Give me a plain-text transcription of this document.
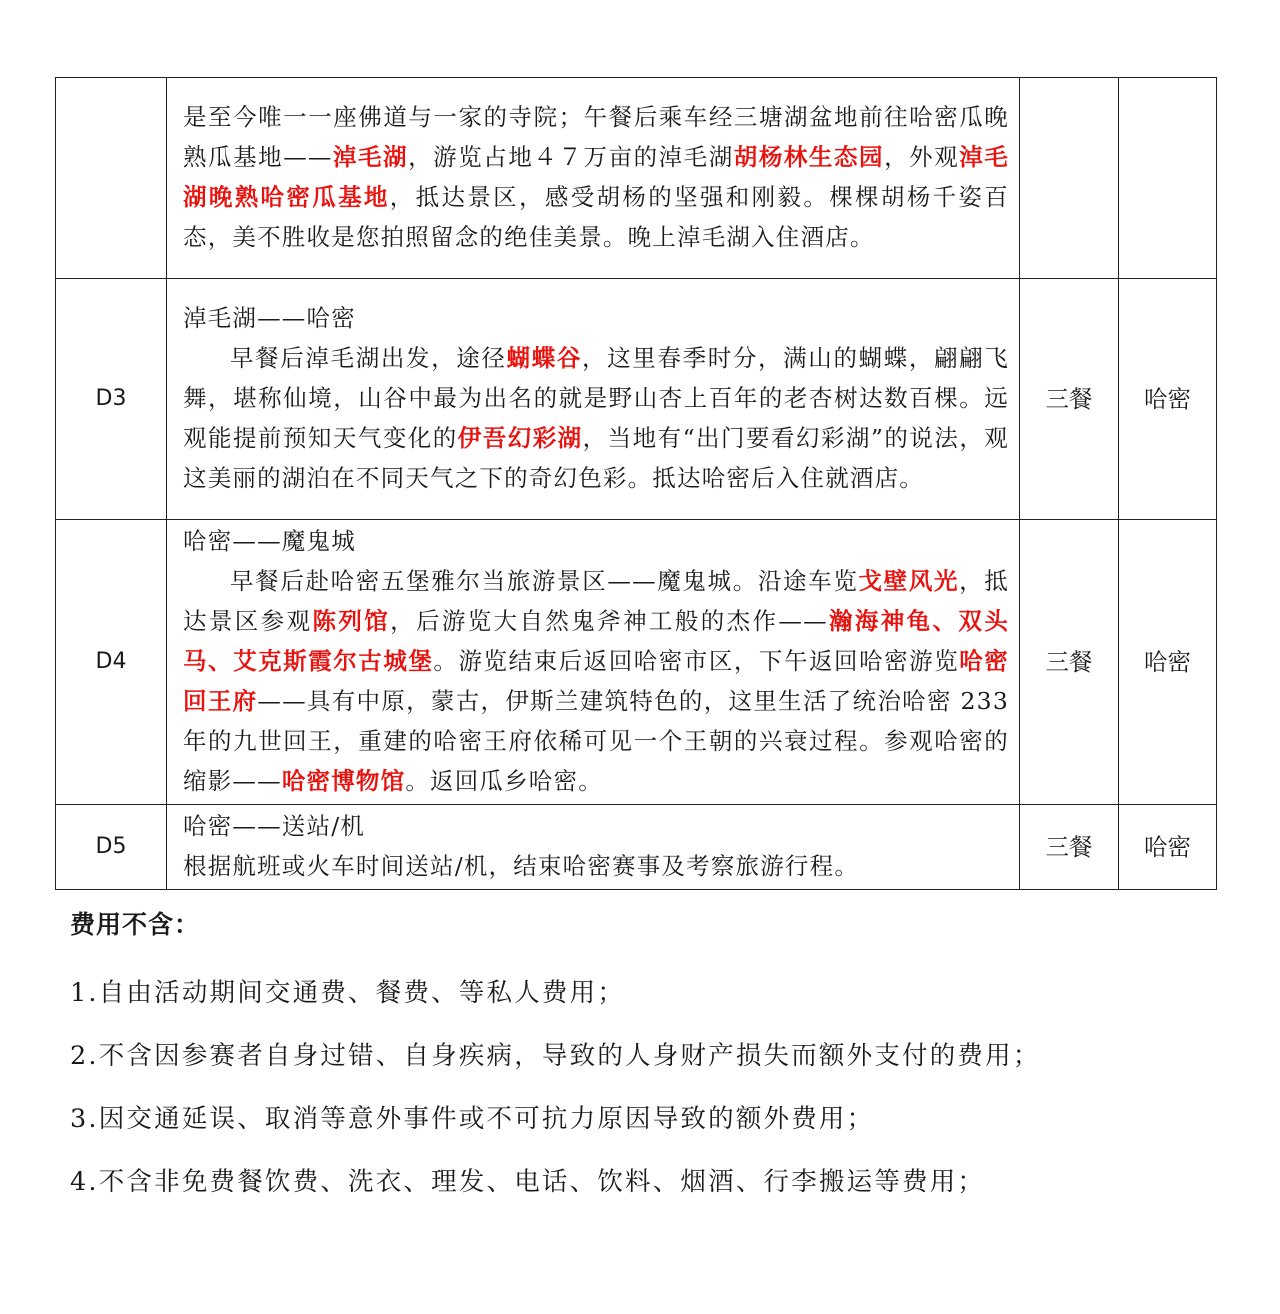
	是至今唯一一座佛道与一家的寺院；午餐后乘车经三塘湖盆地前往哈密瓜晚熟瓜基地——淖毛湖，游览占地４７万亩的淖毛湖胡杨林生态园，外观淖毛湖晚熟哈密瓜基地，抵达景区，感受胡杨的坚强和刚毅。棵棵胡杨千姿百态，美不胜收是您拍照留念的绝佳美景。晚上淖毛湖入住酒店。		

D3	淖毛湖——哈密
早餐后淖毛湖出发，途径蝴蝶谷，这里春季时分，满山的蝴蝶，翩翩飞舞，堪称仙境，山谷中最为出名的就是野山杏上百年的老杏树达数百棵。远观能提前预知天气变化的伊吾幻彩湖，当地有“出门要看幻彩湖”的说法，观这美丽的湖泊在不同天气之下的奇幻色彩。抵达哈密后入住就酒店。	三餐	哈密
D4	哈密——魔鬼城
早餐后赴哈密五堡雅尔当旅游景区——魔鬼城。沿途车览戈壁风光，抵达景区参观陈列馆，后游览大自然鬼斧神工般的杰作——瀚海神龟、双头马、艾克斯霞尔古城堡。游览结束后返回哈密市区，下午返回哈密游览哈密回王府——具有中原，蒙古，伊斯兰建筑特色的，这里生活了统治哈密 233 年的九世回王，重建的哈密王府依稀可见一个王朝的兴衰过程。参观哈密的缩影——哈密博物馆。返回瓜乡哈密。	三餐	哈密
D5	哈密——送站/机
根据航班或火车时间送站/机，结束哈密赛事及考察旅游行程。	三餐	哈密
费用不含：

1.自由活动期间交通费、餐费、等私人费用；

2.不含因参赛者自身过错、自身疾病，导致的人身财产损失而额外支付的费用；

3.因交通延误、取消等意外事件或不可抗力原因导致的额外费用；

4.不含非免费餐饮费、洗衣、理发、电话、饮料、烟酒、行李搬运等费用；
